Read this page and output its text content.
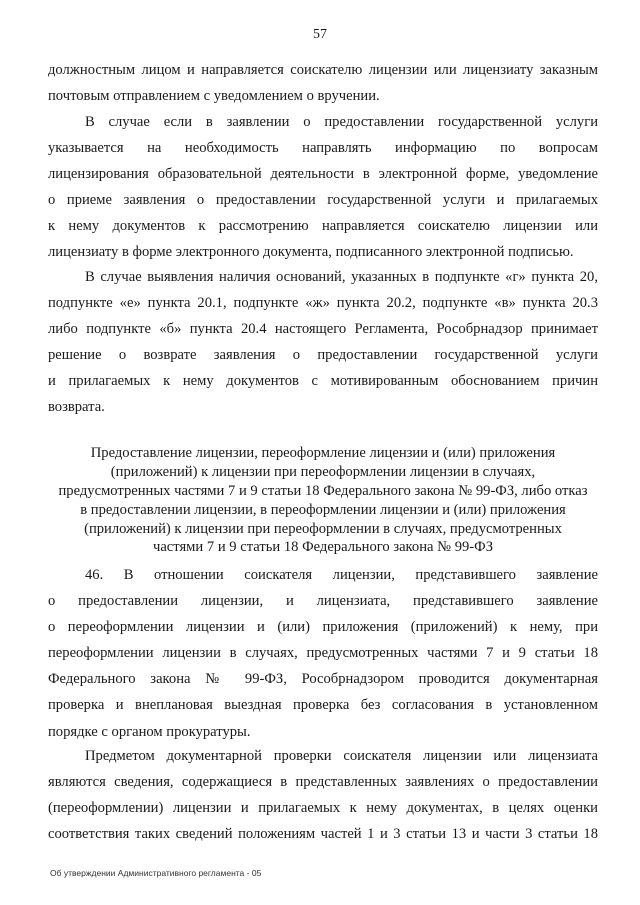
57
должностным лицом и направляется соискателю лицензии или лицензиату заказным
почтовым отправлением с уведомлением о вручении.
В случае если в заявлении о предоставлении государственной услуги
указывается на необходимость направлять информацию по вопросам
лицензирования образовательной деятельности в электронной форме, уведомление
о приеме заявления о предоставлении государственной услуги и прилагаемых
к нему документов к рассмотрению направляется соискателю лицензии или
лицензиату в форме электронного документа, подписанного электронной подписью.
В случае выявления наличия оснований, указанных в подпункте «г» пункта 20,
подпункте «е» пункта 20.1, подпункте «ж» пункта 20.2, подпункте «в» пункта 20.3
либо подпункте «б» пункта 20.4 настоящего Регламента, Рособрнадзор принимает
решение о возврате заявления о предоставлении государственной услуги
и прилагаемых к нему документов с мотивированным обоснованием причин
возврата.
Предоставление лицензии, переоформление лицензии и (или) приложения
(приложений) к лицензии при переоформлении лицензии в случаях,
предусмотренных частями 7 и 9 статьи 18 Федерального закона № 99-ФЗ, либо отказ
в предоставлении лицензии, в переоформлении лицензии и (или) приложения
(приложений) к лицензии при переоформлении в случаях, предусмотренных
частями 7 и 9 статьи 18 Федерального закона № 99-ФЗ
46. В отношении соискателя лицензии, представившего заявление
о предоставлении лицензии, и лицензиата, представившего заявление
о переоформлении лицензии и (или) приложения (приложений) к нему, при
переоформлении лицензии в случаях, предусмотренных частями 7 и 9 статьи 18
Федерального закона № 99-ФЗ, Рособрнадзором проводится документарная
проверка и внеплановая выездная проверка без согласования в установленном
порядке с органом прокуратуры.
Предметом документарной проверки соискателя лицензии или лицензиата
являются сведения, содержащиеся в представленных заявлениях о предоставлении
(переоформлении) лицензии и прилагаемых к нему документах, в целях оценки
соответствия таких сведений положениям частей 1 и 3 статьи 13 и части 3 статьи 18
Об утверждении Административного регламента - 05
